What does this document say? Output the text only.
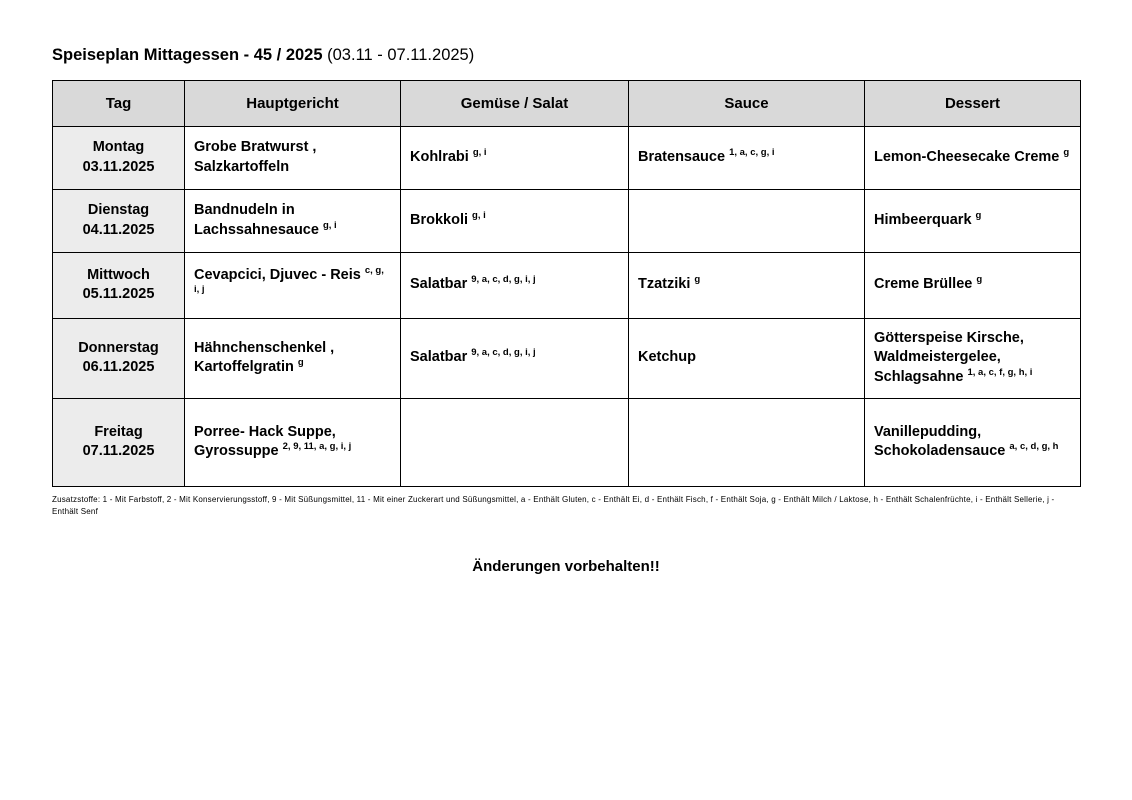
Speiseplan Mittagessen - 45 / 2025 (03.11 - 07.11.2025)
Tag	Hauptgericht	Gemüse / Salat	Sauce	Dessert

Montag
03.11.2025	Grobe Bratwurst , Salzkartoffeln	Kohlrabi $^{g, i}$	Bratensauce $^{1, a, c, g, i}$	Lemon-Cheesecake Creme $^g$

Dienstag
04.11.2025	Bandnudeln in Lachssahnesauce $^{g, i}$	Brokkoli $^{g, i}$		Himbeerquark $^g$

Mittwoch
05.11.2025	Cevapcici, Djuvec - Reis $^{c, g, i, j}$	Salatbar $^{9, a, c, d, g, i, j}$	Tzatziki $^g$	Creme Brüllee $^g$

Donnerstag
06.11.2025	Hähnchenschenkel , Kartoffelgratin $^g$	Salatbar $^{9, a, c, d, g, i, j}$	Ketchup	Götterspeise Kirsche, Waldmeistergelee, Schlagsahne $^{1, a, c, f, g, h, i}$

Freitag
07.11.2025	Porree- Hack Suppe, Gyrossuppe $^{2, 9, 11, a, g, i, j}$			Vanillepudding, Schokoladensauce $^{a, c, d, g, h}$
Zusatzstoffe: 1 - Mit Farbstoff, 2 - Mit Konservierungsstoff, 9 - Mit Süßungsmittel, 11 - Mit einer Zuckerart und Süßungsmittel, a - Enthält Gluten, c - Enthält Ei, d - Enthält Fisch, f - Enthält Soja, g - Enthält Milch / Laktose, h - Enthält Schalenfrüchte, i - Enthält Sellerie, j - Enthält Senf
Änderungen vorbehalten!!
